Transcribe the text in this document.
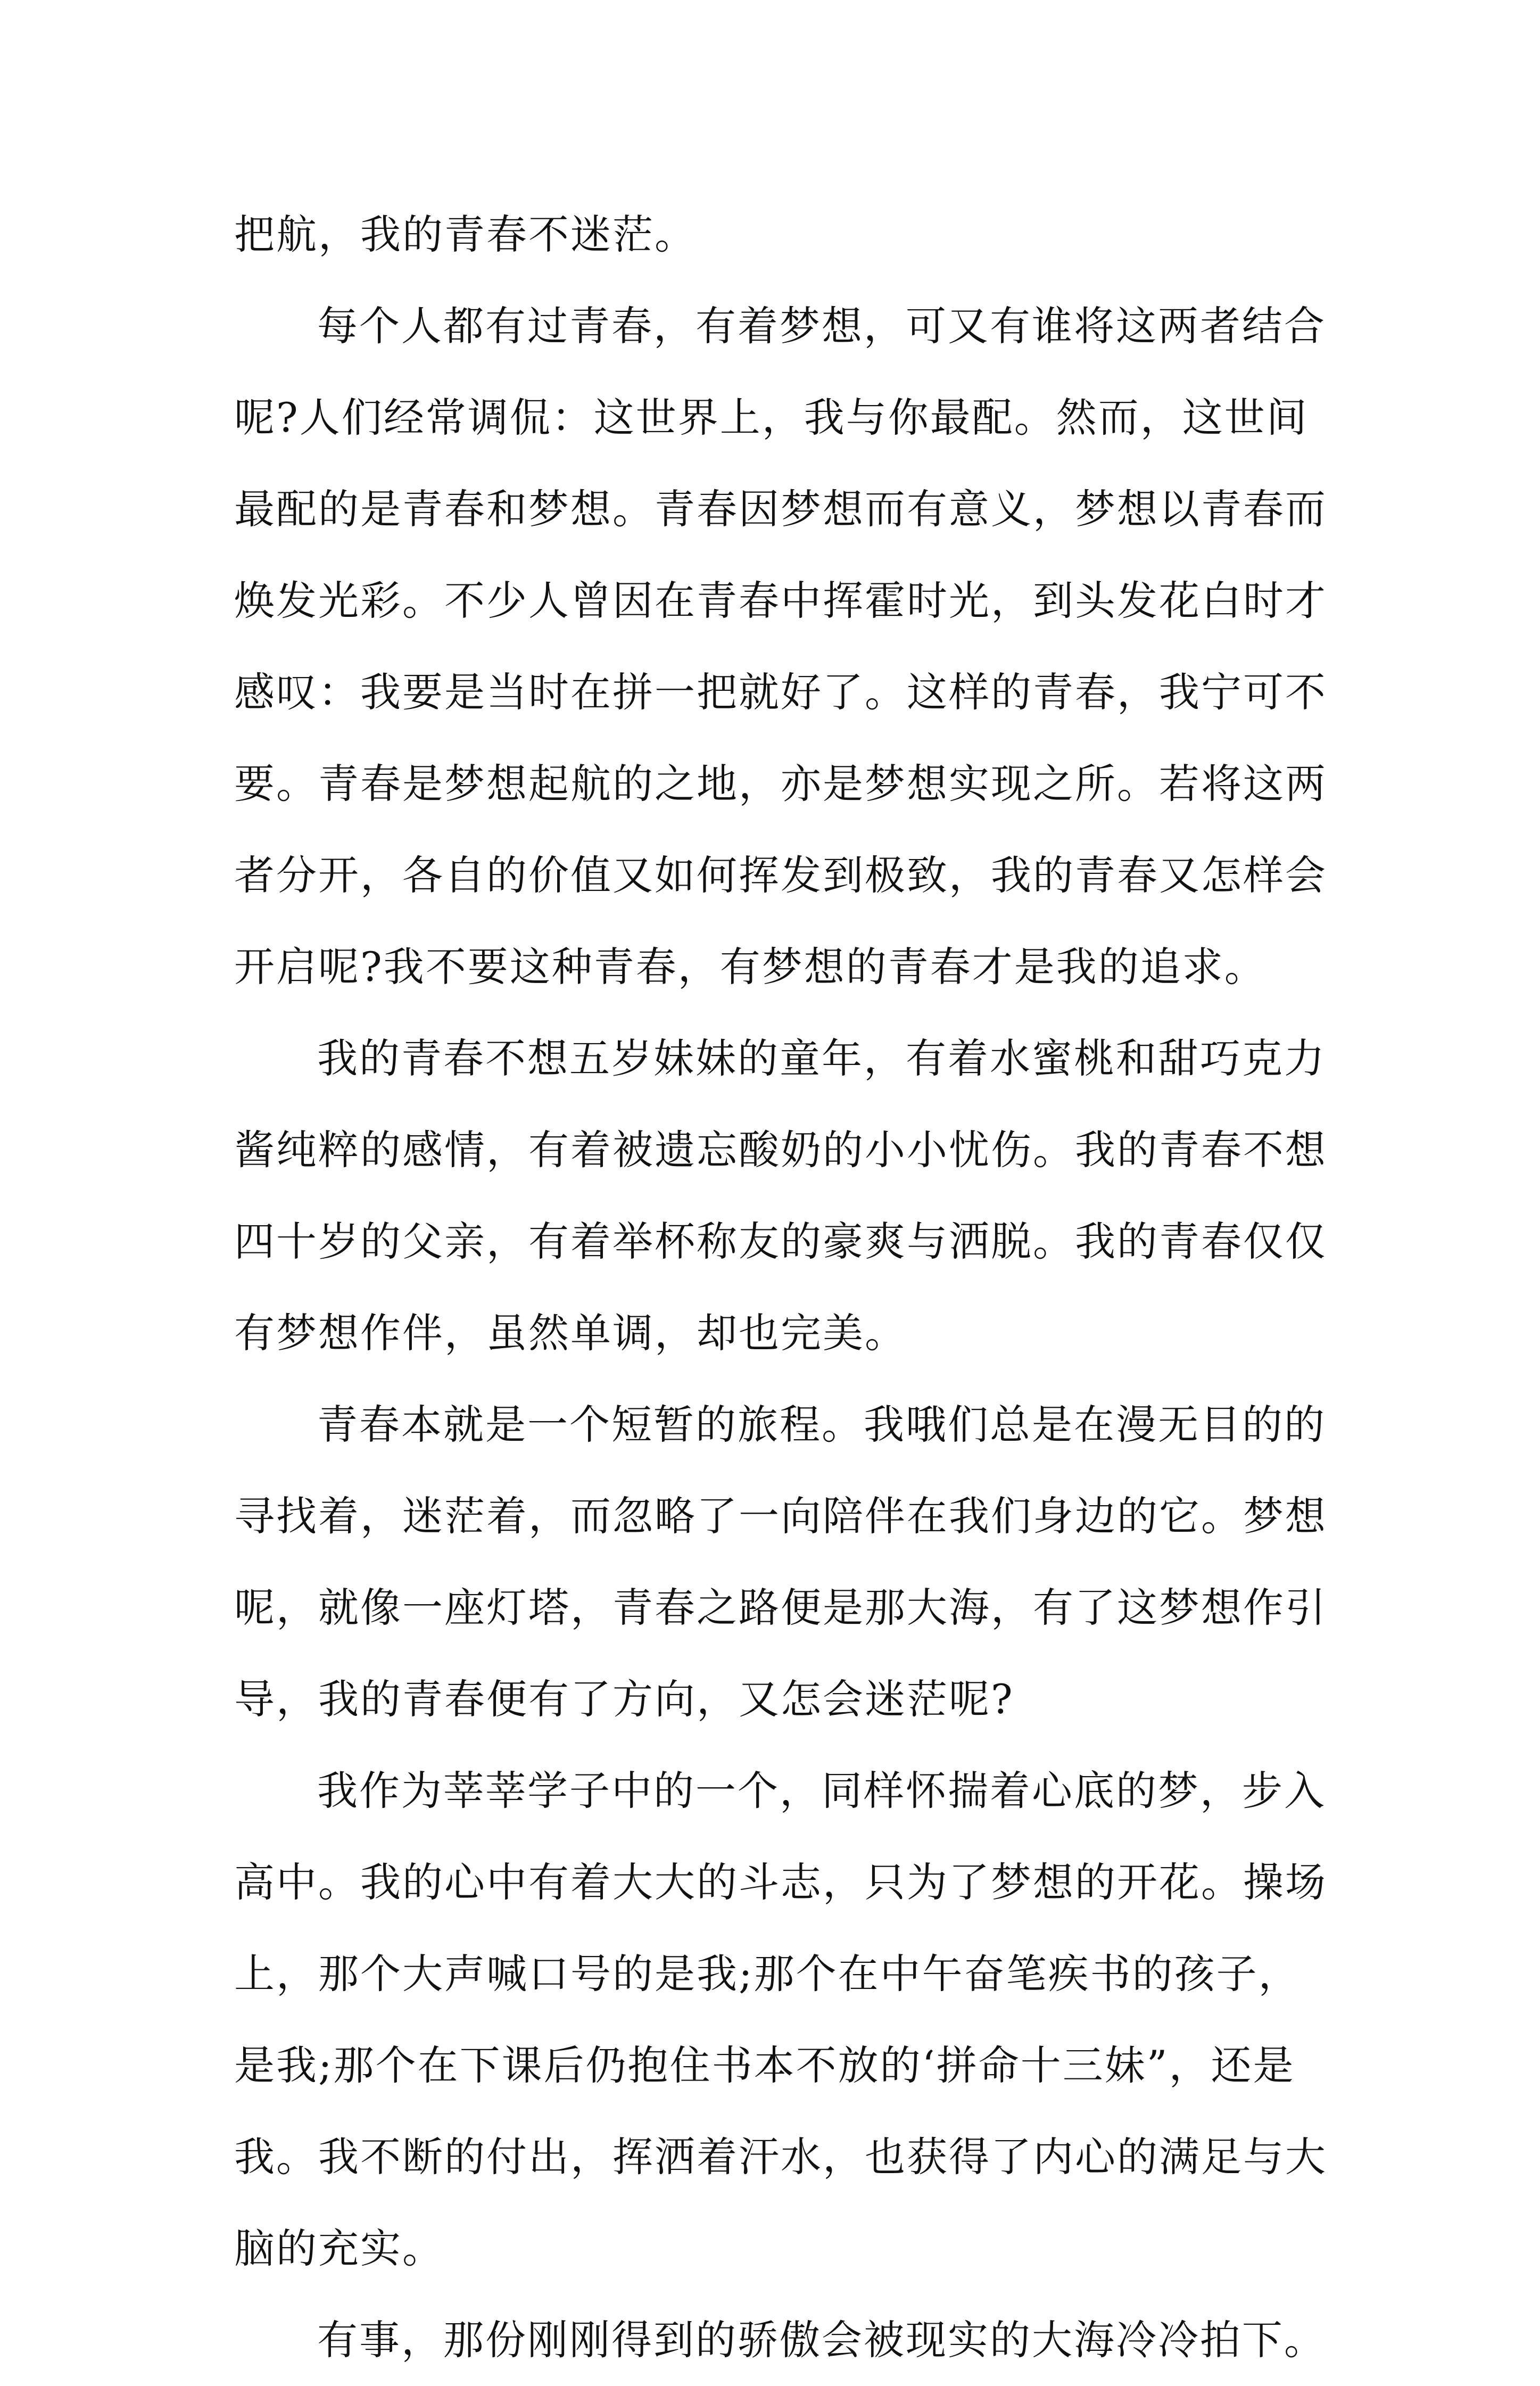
把航，我的青春不迷茫。
每个人都有过青春，有着梦想，可又有谁将这两者结合
呢?人们经常调侃：这世界上，我与你最配。然而，这世间
最配的是青春和梦想。青春因梦想而有意义，梦想以青春而
焕发光彩。不少人曾因在青春中挥霍时光，到头发花白时才
感叹：我要是当时在拼一把就好了。这样的青春，我宁可不
要。青春是梦想起航的之地，亦是梦想实现之所。若将这两
者分开，各自的价值又如何挥发到极致，我的青春又怎样会
开启呢?我不要这种青春，有梦想的青春才是我的追求。
我的青春不想五岁妹妹的童年，有着水蜜桃和甜巧克力
酱纯粹的感情，有着被遗忘酸奶的小小忧伤。我的青春不想
四十岁的父亲，有着举杯称友的豪爽与洒脱。我的青春仅仅
有梦想作伴，虽然单调，却也完美。
青春本就是一个短暂的旅程。我哦们总是在漫无目的的
寻找着，迷茫着，而忽略了一向陪伴在我们身边的它。梦想
呢，就像一座灯塔，青春之路便是那大海，有了这梦想作引
导，我的青春便有了方向，又怎会迷茫呢?
我作为莘莘学子中的一个，同样怀揣着心底的梦，步入
高中。我的心中有着大大的斗志，只为了梦想的开花。操场
上，那个大声喊口号的是我;那个在中午奋笔疾书的孩子，
是我;那个在下课后仍抱住书本不放的‘拼命十三妹”，还是
我。我不断的付出，挥洒着汗水，也获得了内心的满足与大
脑的充实。
有事，那份刚刚得到的骄傲会被现实的大海冷冷拍下。
